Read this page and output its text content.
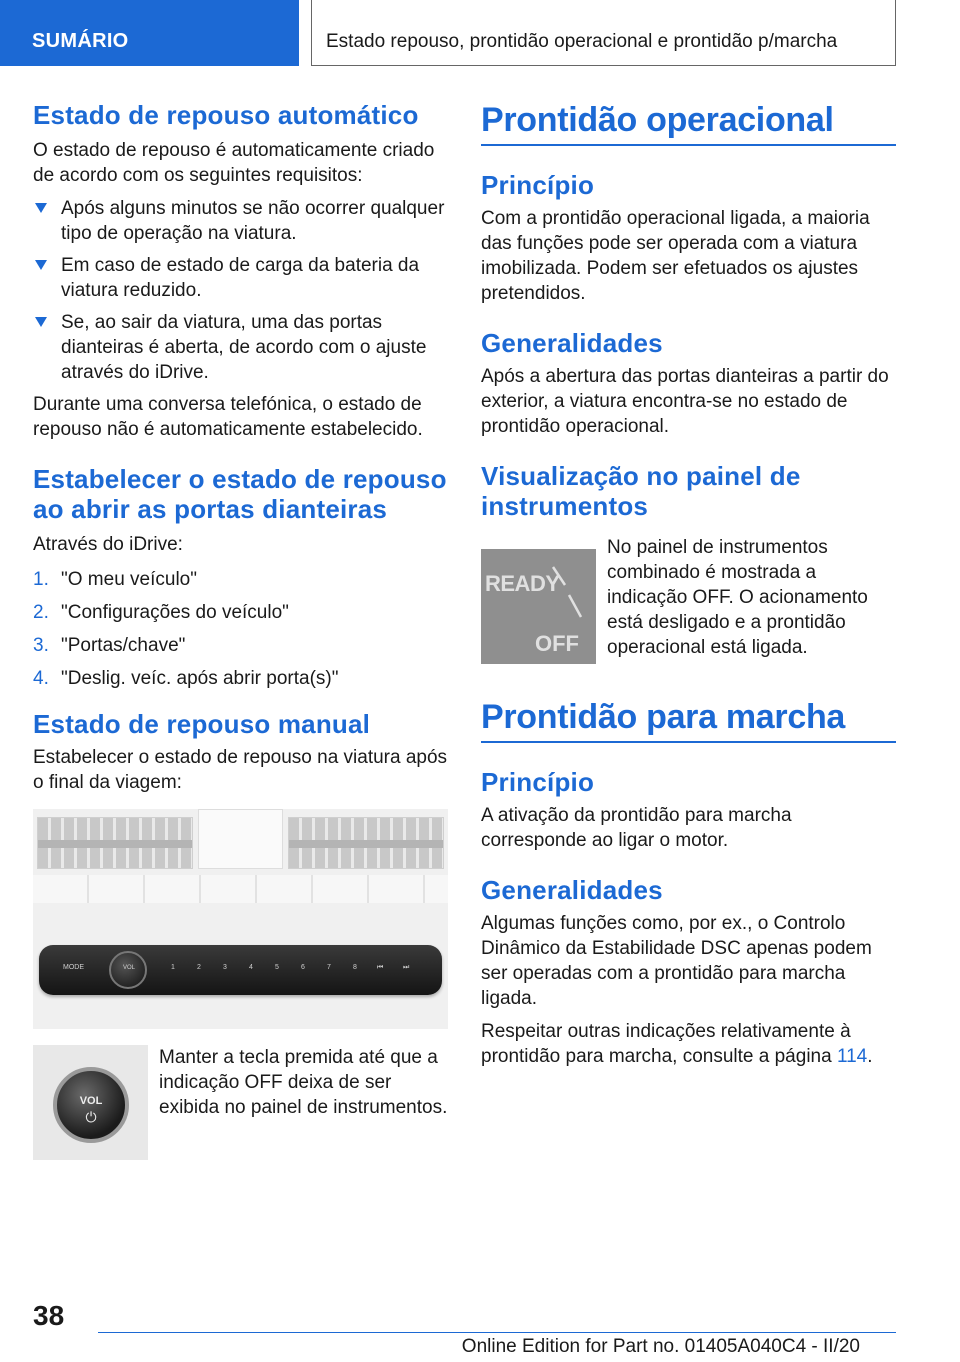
SUMÁRIO	Estado repouso, prontidão operacional e prontidão p/marcha
Estado de repouso automático

O estado de repouso é automaticamente criado de acordo com os seguintes requisitos:

Após alguns minutos se não ocorrer qualquer tipo de operação na viatura.
Em caso de estado de carga da bateria da viatura reduzido.
Se, ao sair da viatura, uma das portas dianteiras é aberta, de acordo com o ajuste através do iDrive.

Durante uma conversa telefónica, o estado de repouso não é automaticamente estabelecido.

Estabelecer o estado de repouso ao abrir as portas dianteiras

Através do iDrive:

1. "O meu veículo"
2. "Configurações do veículo"
3. "Portas/chave"
4. "Deslig. veíc. após abrir porta(s)"
Estado de repouso manual

Estabelecer o estado de repouso na viatura após o final da viagem:

MODE	VOL	1	2	3	4	5	6	7	8	⏮	⏭
VOL
⏻
Manter a tecla premida até que a indicação OFF deixa de ser exibida no painel de instrumentos.
Prontidão operacional
Princípio

Com a prontidão operacional ligada, a maioria das funções pode ser operada com a viatura imobilizada. Podem ser efetuados os ajustes pretendidos.

Generalidades

Após a abertura das portas dianteiras a partir do exterior, a viatura encontra-se no estado de prontidão operacional.

Visualização no painel de instrumentos
READY
OFF
No painel de instrumentos combinado é mostrada a indicação OFF. O acionamento está desligado e a prontidão operacional está ligada.
Prontidão para marcha
Princípio

A ativação da prontidão para marcha corresponde ao ligar o motor.

Generalidades

Algumas funções como, por ex., o Controlo Dinâmico da Estabilidade DSC apenas podem ser operadas com a prontidão para marcha ligada.

Respeitar outras indicações relativamente à prontidão para marcha, consulte a página 114.

38
Online Edition for Part no. 01405A040C4 - II/20
